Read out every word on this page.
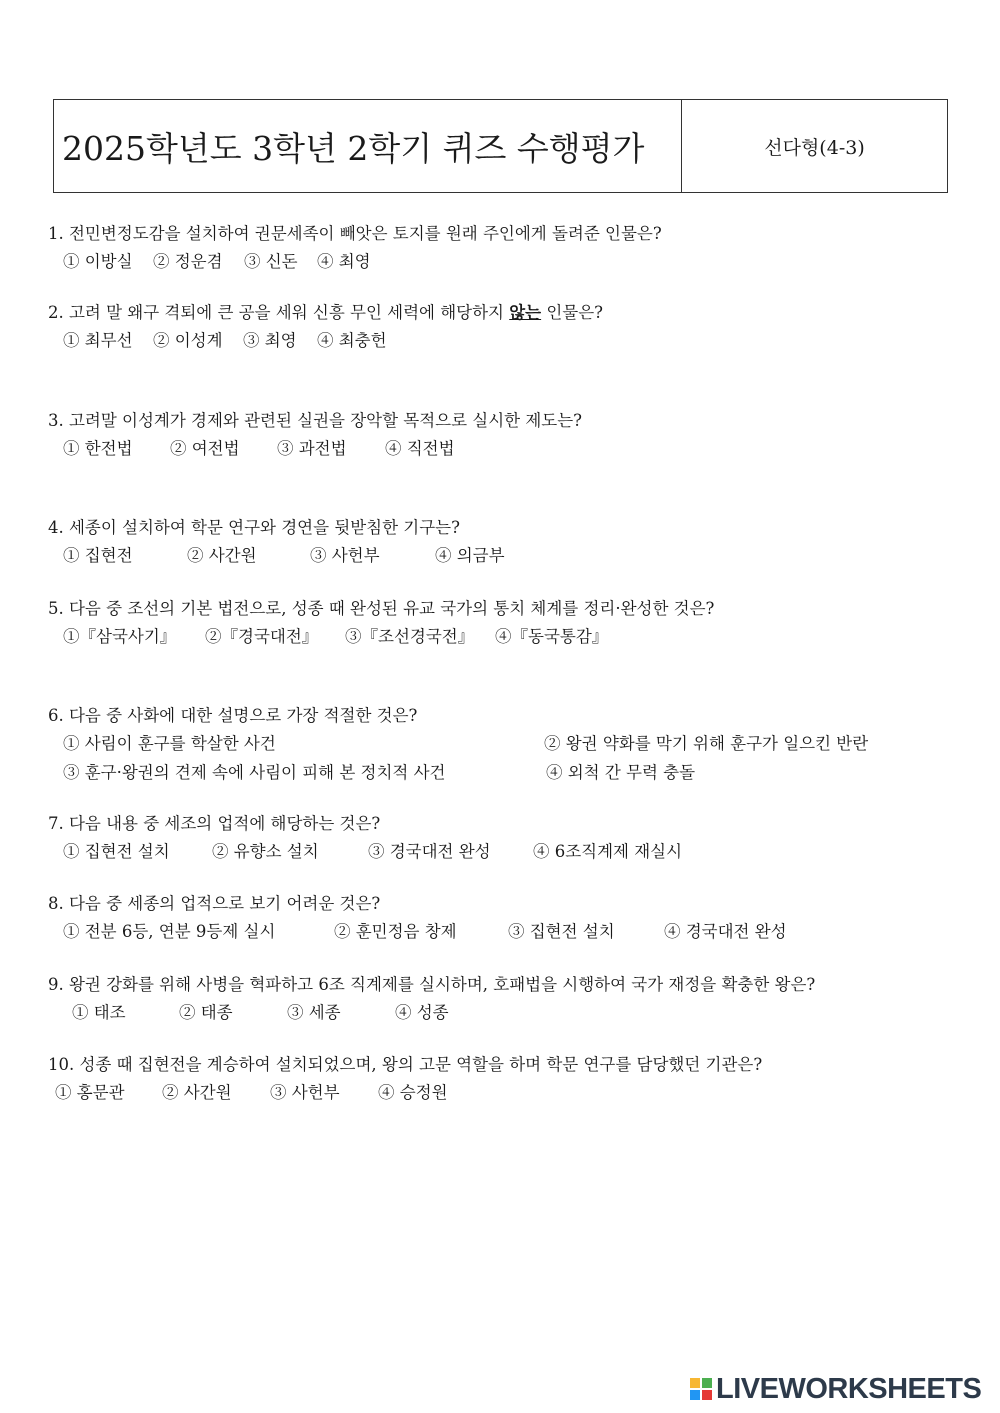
2025학년도 3학년 2학기 퀴즈 수행평가	선다형(4-3)
1. 전민변정도감을 설치하여 권문세족이 빼앗은 토지를 원래 주인에게 돌려준 인물은?
① 이방실	② 정운겸	③ 신돈	④ 최영
2. 고려 말 왜구 격퇴에 큰 공을 세워 신흥 무인 세력에 해당하지 않는 인물은?
① 최무선	② 이성계	③ 최영	④ 최충헌
3. 고려말 이성계가 경제와 관련된 실권을 장악할 목적으로 실시한 제도는?
① 한전법	② 여전법	③ 과전법	④ 직전법
4. 세종이 설치하여 학문 연구와 경연을 뒷받침한 기구는?
① 집현전	② 사간원	③ 사헌부	④ 의금부
5. 다음 중 조선의 기본 법전으로, 성종 때 완성된 유교 국가의 통치 체계를 정리·완성한 것은?
①『삼국사기』	②『경국대전』	③『조선경국전』	④『동국통감』
6. 다음 중 사화에 대한 설명으로 가장 적절한 것은?
① 사림이 훈구를 학살한 사건	② 왕권 약화를 막기 위해 훈구가 일으킨 반란
③ 훈구·왕권의 견제 속에 사림이 피해 본 정치적 사건	④ 외척 간 무력 충돌
7. 다음 내용 중 세조의 업적에 해당하는 것은?
① 집현전 설치	② 유향소 설치	③ 경국대전 완성	④ 6조직계제 재실시
8. 다음 중 세종의 업적으로 보기 어려운 것은?
① 전분 6등, 연분 9등제 실시	② 훈민정음 창제	③ 집현전 설치	④ 경국대전 완성
9. 왕권 강화를 위해 사병을 혁파하고 6조 직계제를 실시하며, 호패법을 시행하여 국가 재정을 확충한 왕은?
① 태조	② 태종	③ 세종	④ 성종
10. 성종 때 집현전을 계승하여 설치되었으며, 왕의 고문 역할을 하며 학문 연구를 담당했던 기관은?
① 홍문관	② 사간원	③ 사헌부	④ 승정원
LIVEWORKSHEETS
